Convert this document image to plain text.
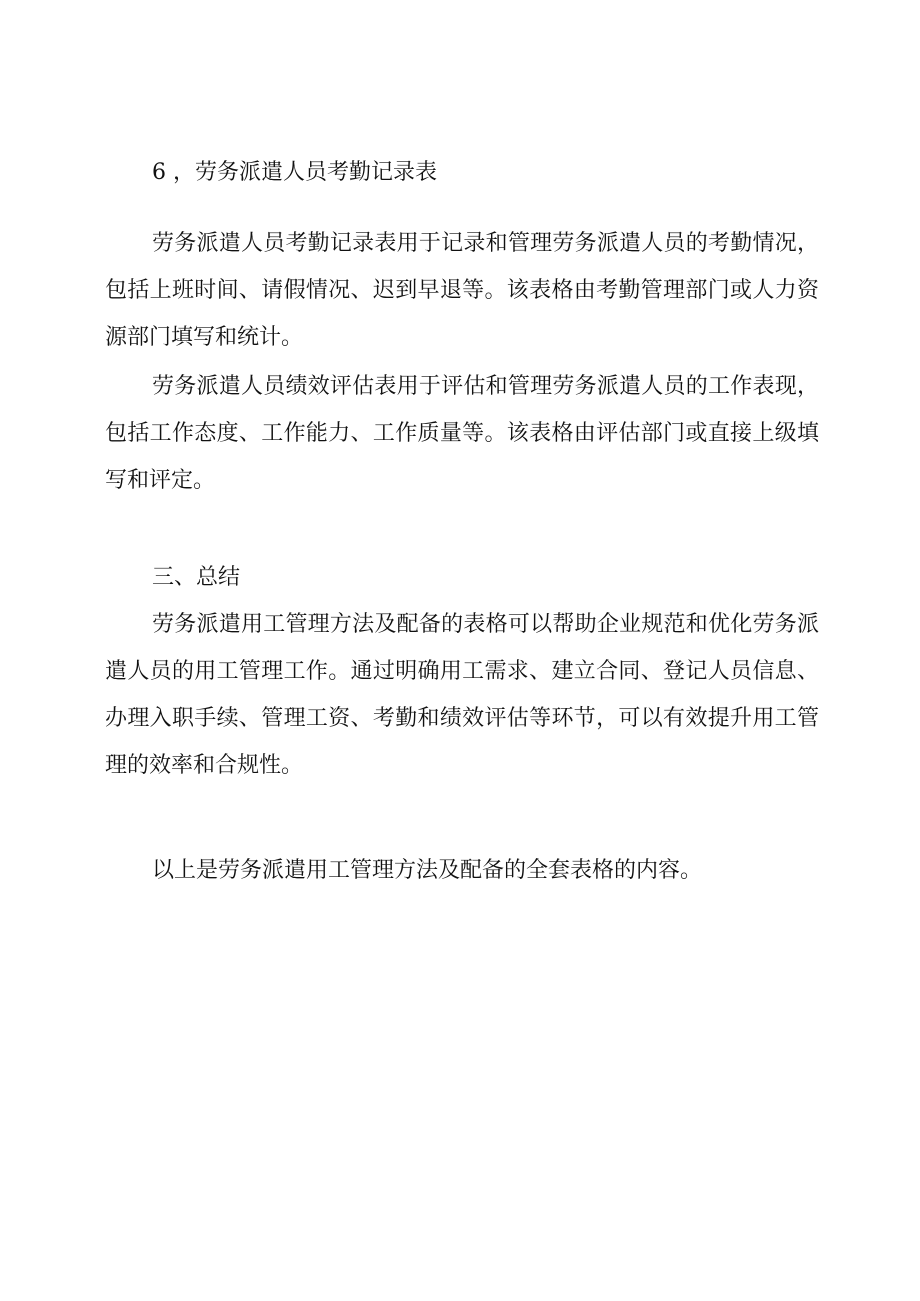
6 ，劳务派遣人员考勤记录表

劳务派遣人员考勤记录表用于记录和管理劳务派遣人员的考勤情况，包括上班时间、请假情况、迟到早退等。该表格由考勤管理部门或人力资源部门填写和统计。

劳务派遣人员绩效评估表用于评估和管理劳务派遣人员的工作表现，包括工作态度、工作能力、工作质量等。该表格由评估部门或直接上级填写和评定。

三、总结

劳务派遣用工管理方法及配备的表格可以帮助企业规范和优化劳务派遣人员的用工管理工作。通过明确用工需求、建立合同、登记人员信息、办理入职手续、管理工资、考勤和绩效评估等环节，可以有效提升用工管理的效率和合规性。

以上是劳务派遣用工管理方法及配备的全套表格的内容。
